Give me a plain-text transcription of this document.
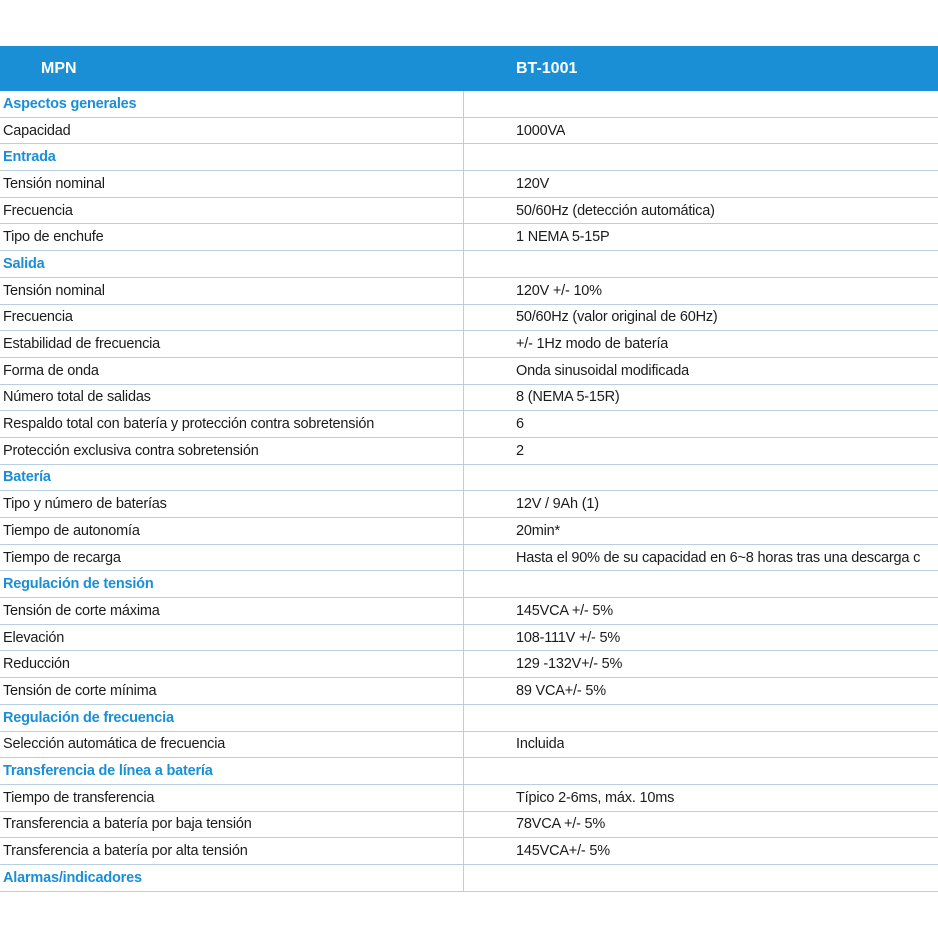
MPN	BT-1001
Aspectos generales
Capacidad	1000VA
Entrada
Tensión nominal	120V
Frecuencia	50/60Hz (detección automática)
Tipo de enchufe	1 NEMA 5-15P
Salida
Tensión nominal	120V +/- 10%
Frecuencia	50/60Hz (valor original de 60Hz)
Estabilidad de frecuencia	+/- 1Hz modo de batería
Forma de onda	Onda sinusoidal modificada
Número total de salidas	8 (NEMA 5-15R)
Respaldo total con batería y protección contra sobretensión	6
Protección exclusiva contra sobretensión	2
Batería
Tipo y número de baterías	12V / 9Ah (1)
Tiempo de autonomía	20min*
Tiempo de recarga	Hasta el 90% de su capacidad en 6~8 horas tras una descarga c
Regulación de tensión
Tensión de corte máxima	145VCA +/- 5%
Elevación	108-111V +/- 5%
Reducción	129 -132V+/- 5%
Tensión de corte mínima	89 VCA+/- 5%
Regulación de frecuencia
Selección automática de frecuencia	Incluida
Transferencia de línea a batería
Tiempo de transferencia	Típico 2-6ms, máx. 10ms
Transferencia a batería por baja tensión	78VCA +/- 5%
Transferencia a batería por alta tensión	145VCA+/- 5%
Alarmas/indicadores
